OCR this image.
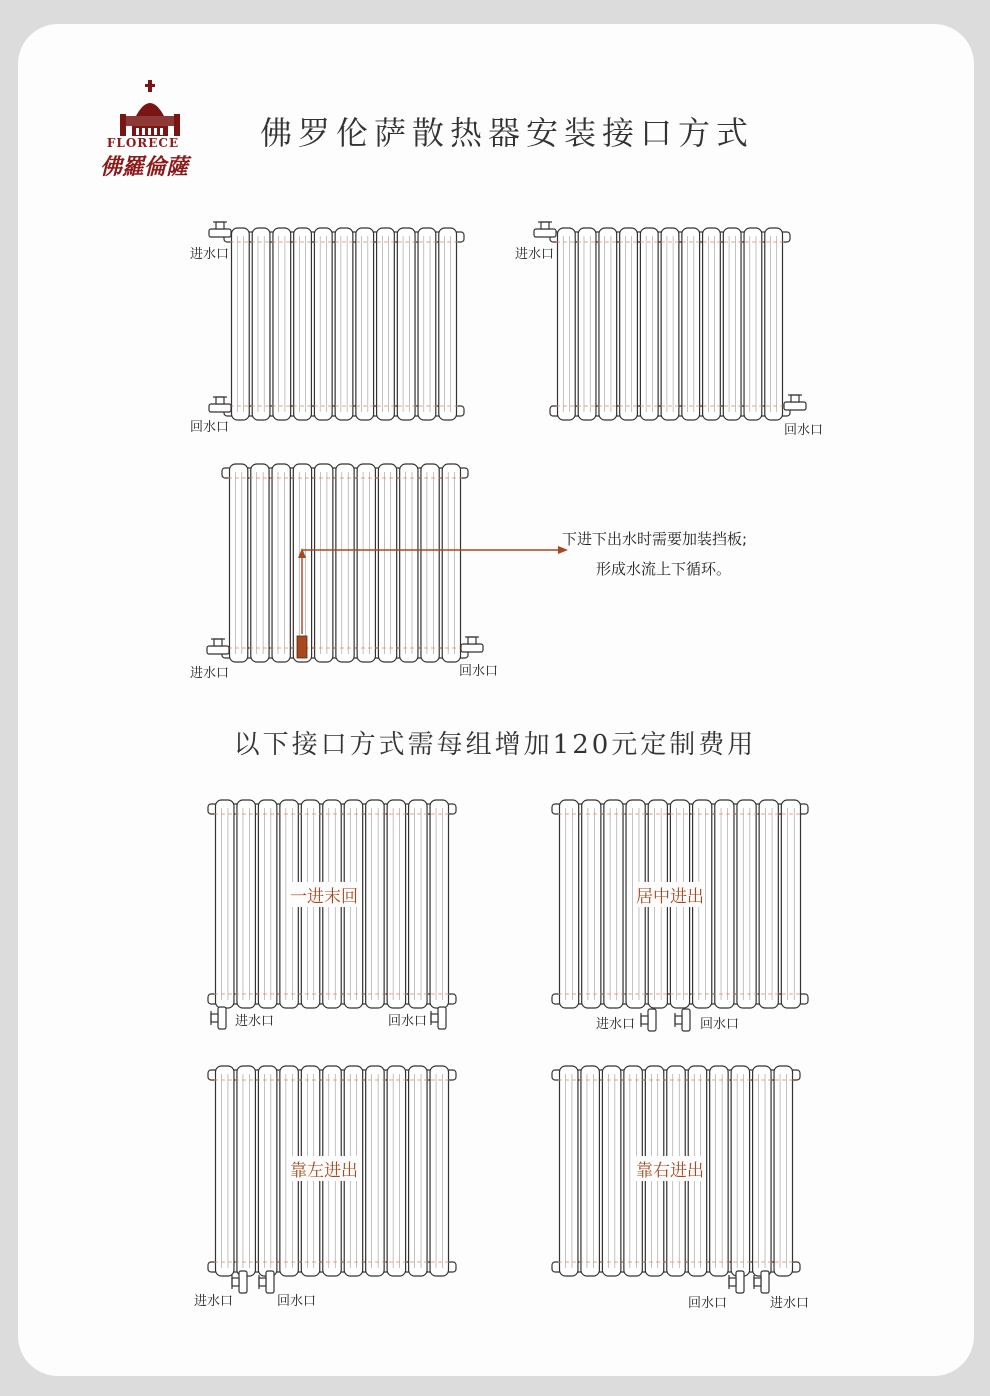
FLORECE
佛羅倫薩
佛罗伦萨散热器安装接口方式
以下接口方式需每组增加120元定制费用
进水口
回水口
进水口
回水口
进水口	回水口
下进下出水时需要加装挡板;
形成水流上下循环。
一进末回	居中进出
靠左进出	靠右进出
进水口	回水口	进水口	回水口
进水口	回水口	回水口	进水口
